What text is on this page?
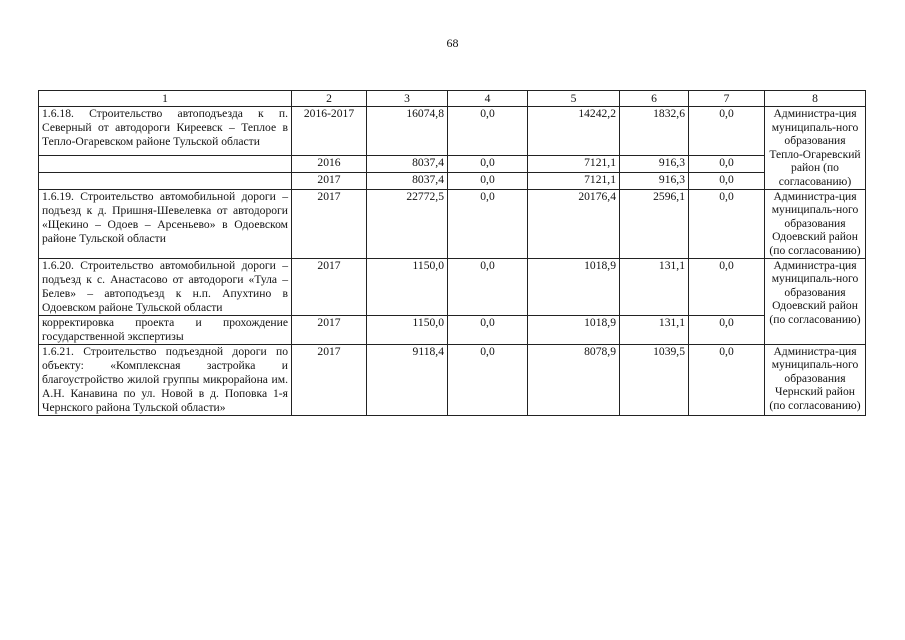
68
1	2	3	4	5	6	7	8
1.6.18. Строительство автоподъезда к п. Северный от автодороги Киреевск – Теплое в Тепло-Огаревском районе Тульской области	2016-2017	16074,8	0,0	14242,2	1832,6	0,0	Администра-ция муниципаль-ного образования Тепло-Огаревский район (по согласованию)
	2016	8037,4	0,0	7121,1	916,3	0,0	
	2017	8037,4	0,0	7121,1	916,3	0,0	
1.6.19. Строительство автомобильной дороги – подъезд к д. Пришня-Шевелевка от автодороги «Щекино – Одоев – Арсеньево» в Одоевском районе Тульской области	2017	22772,5	0,0	20176,4	2596,1	0,0	Администра-ция муниципаль-ного образования Одоевский район (по согласованию)
1.6.20. Строительство автомобильной дороги – подъезд к с. Анастасово от автодороги «Тула – Белев» – автоподъезд к н.п. Апухтино в Одоевском районе Тульской области	2017	1150,0	0,0	1018,9	131,1	0,0	Администра-ция муниципаль-ного образования Одоевский район (по согласованию)
корректировка проекта и прохождение государственной экспертизы	2017	1150,0	0,0	1018,9	131,1	0,0	
1.6.21. Строительство подъездной дороги по объекту: «Комплексная застройка и благоустройство жилой группы микрорайона им. А.Н. Канавина по ул. Новой в д. Поповка 1-я Чернского района Тульской области»	2017	9118,4	0,0	8078,9	1039,5	0,0	Администра-ция муниципаль-ного образования Чернский район (по согласованию)
